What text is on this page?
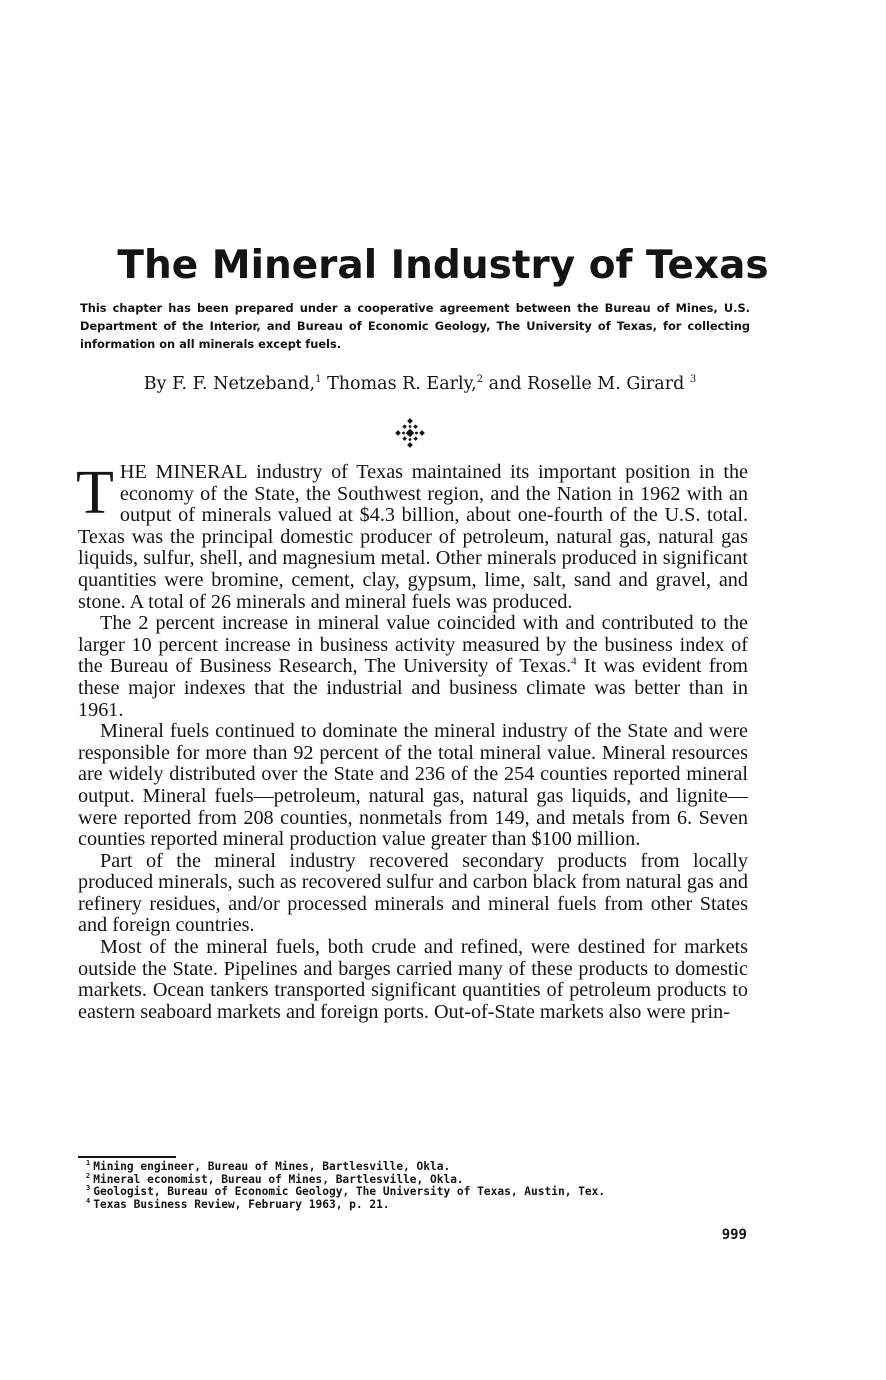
The Mineral Industry of Texas

This chapter has been prepared under a cooperative agreement between the Bureau of Mines, U.S. Department of the Interior, and Bureau of Economic Geology, The University of Texas, for collecting information on all minerals except fuels.

By F. F. Netzeband,$^1$ Thomas R. Early,$^2$ and Roselle M. Girard $^3$

THE MINERAL industry of Texas maintained its important position in the economy of the State, the Southwest region, and the Nation in 1962 with an output of minerals valued at $4.3 billion, about one-fourth of the U.S. total. Texas was the principal domestic producer of petroleum, natural gas, natural gas liquids, sulfur, shell, and magnesium metal. Other minerals produced in significant quantities were bromine, cement, clay, gypsum, lime, salt, sand and gravel, and stone. A total of 26 minerals and mineral fuels was produced.

The 2 percent increase in mineral value coincided with and contributed to the larger 10 percent increase in business activity measured by the business index of the Bureau of Business Research, The University of Texas.$^4$ It was evident from these major indexes that the industrial and business climate was better than in 1961.

Mineral fuels continued to dominate the mineral industry of the State and were responsible for more than 92 percent of the total mineral value. Mineral resources are widely distributed over the State and 236 of the 254 counties reported mineral output. Mineral fuels—petroleum, natural gas, natural gas liquids, and lignite—were reported from 208 counties, nonmetals from 149, and metals from 6. Seven counties reported mineral production value greater than $100 million.

Part of the mineral industry recovered secondary products from locally produced minerals, such as recovered sulfur and carbon black from natural gas and refinery residues, and/or processed minerals and mineral fuels from other States and foreign countries.

Most of the mineral fuels, both crude and refined, were destined for markets outside the State. Pipelines and barges carried many of these products to domestic markets. Ocean tankers transported significant quantities of petroleum products to eastern seaboard markets and foreign ports. Out-of-State markets also were prin-

$^1$ Mining engineer, Bureau of Mines, Bartlesville, Okla.

$^2$ Mineral economist, Bureau of Mines, Bartlesville, Okla.

$^3$ Geologist, Bureau of Economic Geology, The University of Texas, Austin, Tex.

$^4$ Texas Business Review, February 1963, p. 21.

999
